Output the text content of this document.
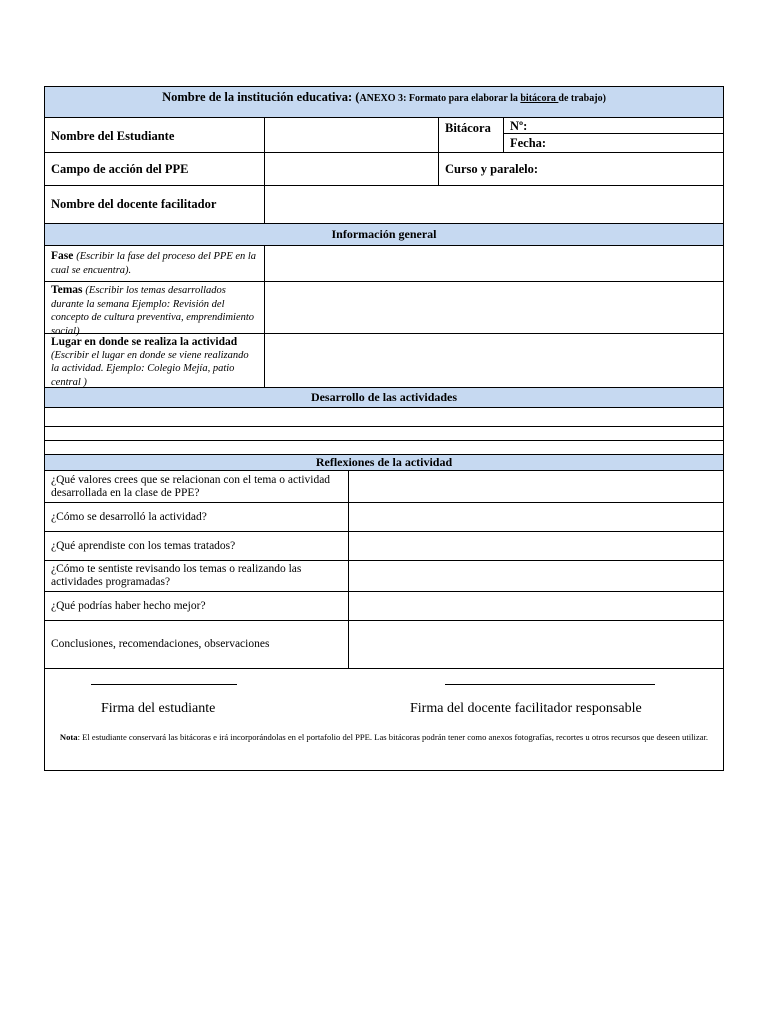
Nombre de la institución educativa: (ANEXO 3: Formato para elaborar la bitácora de trabajo)
Nombre del Estudiante
Bitácora	Nº:
Fecha:
Campo de acción del PPE	Curso y paralelo:
Nombre del docente facilitador
Información general
Fase (Escribir la fase del proceso del PPE en la cual se encuentra).
Temas (Escribir los temas desarrollados durante la semana Ejemplo: Revisión del concepto de cultura preventiva, emprendimiento social)
Lugar en donde se realiza la actividad (Escribir el lugar en donde se viene realizando la actividad. Ejemplo: Colegio Mejía, patio central )
Desarrollo de las actividades
Reflexiones de la actividad
¿Qué valores crees que se relacionan con el tema o actividad desarrollada en la clase de PPE?
¿Cómo se desarrolló la actividad?
¿Qué aprendiste con los temas tratados?
¿Cómo te sentiste revisando los temas o realizando las actividades programadas?
¿Qué podrías haber hecho mejor?
Conclusiones, recomendaciones, observaciones
Firma del estudiante	Firma del docente facilitador responsable
Nota: El estudiante conservará las bitácoras e irá incorporándolas en el portafolio del PPE. Las bitácoras podrán tener como anexos fotografías, recortes u otros recursos que deseen utilizar.
